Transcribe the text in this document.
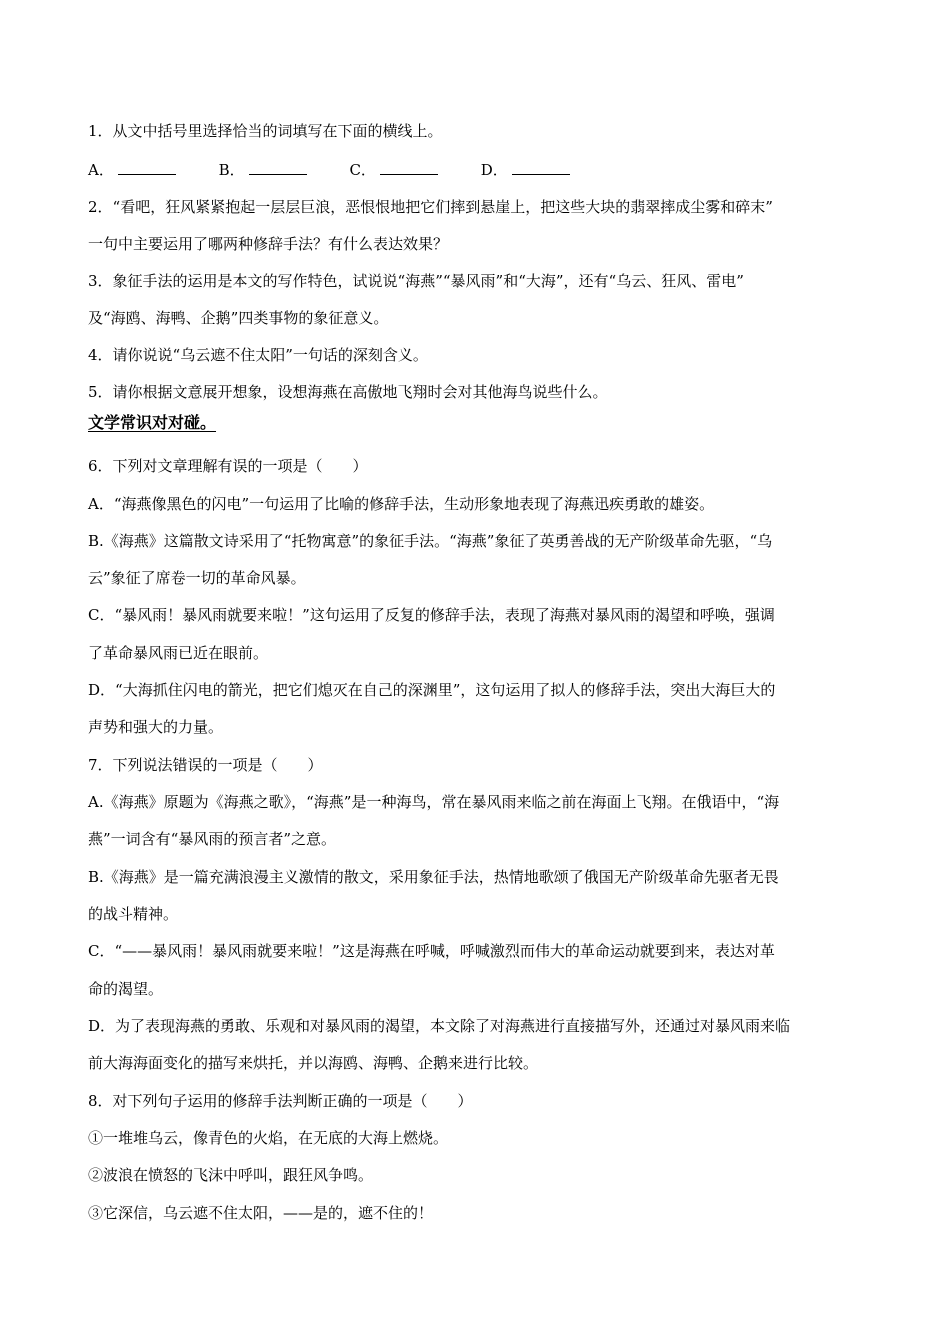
1．从文中括号里选择恰当的词填写在下面的横线上。
A．	B．	C．	D．
2．“看吧，狂风紧紧抱起一层层巨浪，恶恨恨地把它们摔到悬崖上，把这些大块的翡翠摔成尘雾和碎末”
一句中主要运用了哪两种修辞手法？有什么表达效果？
3．象征手法的运用是本文的写作特色，试说说“海燕”“暴风雨”和“大海”，还有“乌云、狂风、雷电”
及“海鸥、海鸭、企鹅”四类事物的象征意义。
4．请你说说“乌云遮不住太阳”一句话的深刻含义。
5．请你根据文意展开想象，设想海燕在高傲地飞翔时会对其他海鸟说些什么。
文学常识对对碰。
6．下列对文章理解有误的一项是（　　）
A．“海燕像黑色的闪电”一句运用了比喻的修辞手法，生动形象地表现了海燕迅疾勇敢的雄姿。
B.《海燕》这篇散文诗采用了“托物寓意”的象征手法。“海燕”象征了英勇善战的无产阶级革命先驱，“乌
云”象征了席卷一切的革命风暴。
C．“暴风雨！暴风雨就要来啦！”这句运用了反复的修辞手法，表现了海燕对暴风雨的渴望和呼唤，强调
了革命暴风雨已近在眼前。
D．“大海抓住闪电的箭光，把它们熄灭在自己的深渊里”，这句运用了拟人的修辞手法，突出大海巨大的
声势和强大的力量。
7．下列说法错误的一项是（　　）
A.《海燕》原题为《海燕之歌》，“海燕”是一种海鸟，常在暴风雨来临之前在海面上飞翔。在俄语中，“海
燕”一词含有“暴风雨的预言者”之意。
B.《海燕》是一篇充满浪漫主义激情的散文，采用象征手法，热情地歌颂了俄国无产阶级革命先驱者无畏
的战斗精神。
C．“——暴风雨！暴风雨就要来啦！”这是海燕在呼喊，呼喊激烈而伟大的革命运动就要到来，表达对革
命的渴望。
D．为了表现海燕的勇敢、乐观和对暴风雨的渴望，本文除了对海燕进行直接描写外，还通过对暴风雨来临
前大海海面变化的描写来烘托，并以海鸥、海鸭、企鹅来进行比较。
8．对下列句子运用的修辞手法判断正确的一项是（　　）
①一堆堆乌云，像青色的火焰，在无底的大海上燃烧。
②波浪在愤怒的飞沫中呼叫，跟狂风争鸣。
③它深信，乌云遮不住太阳，——是的，遮不住的！
